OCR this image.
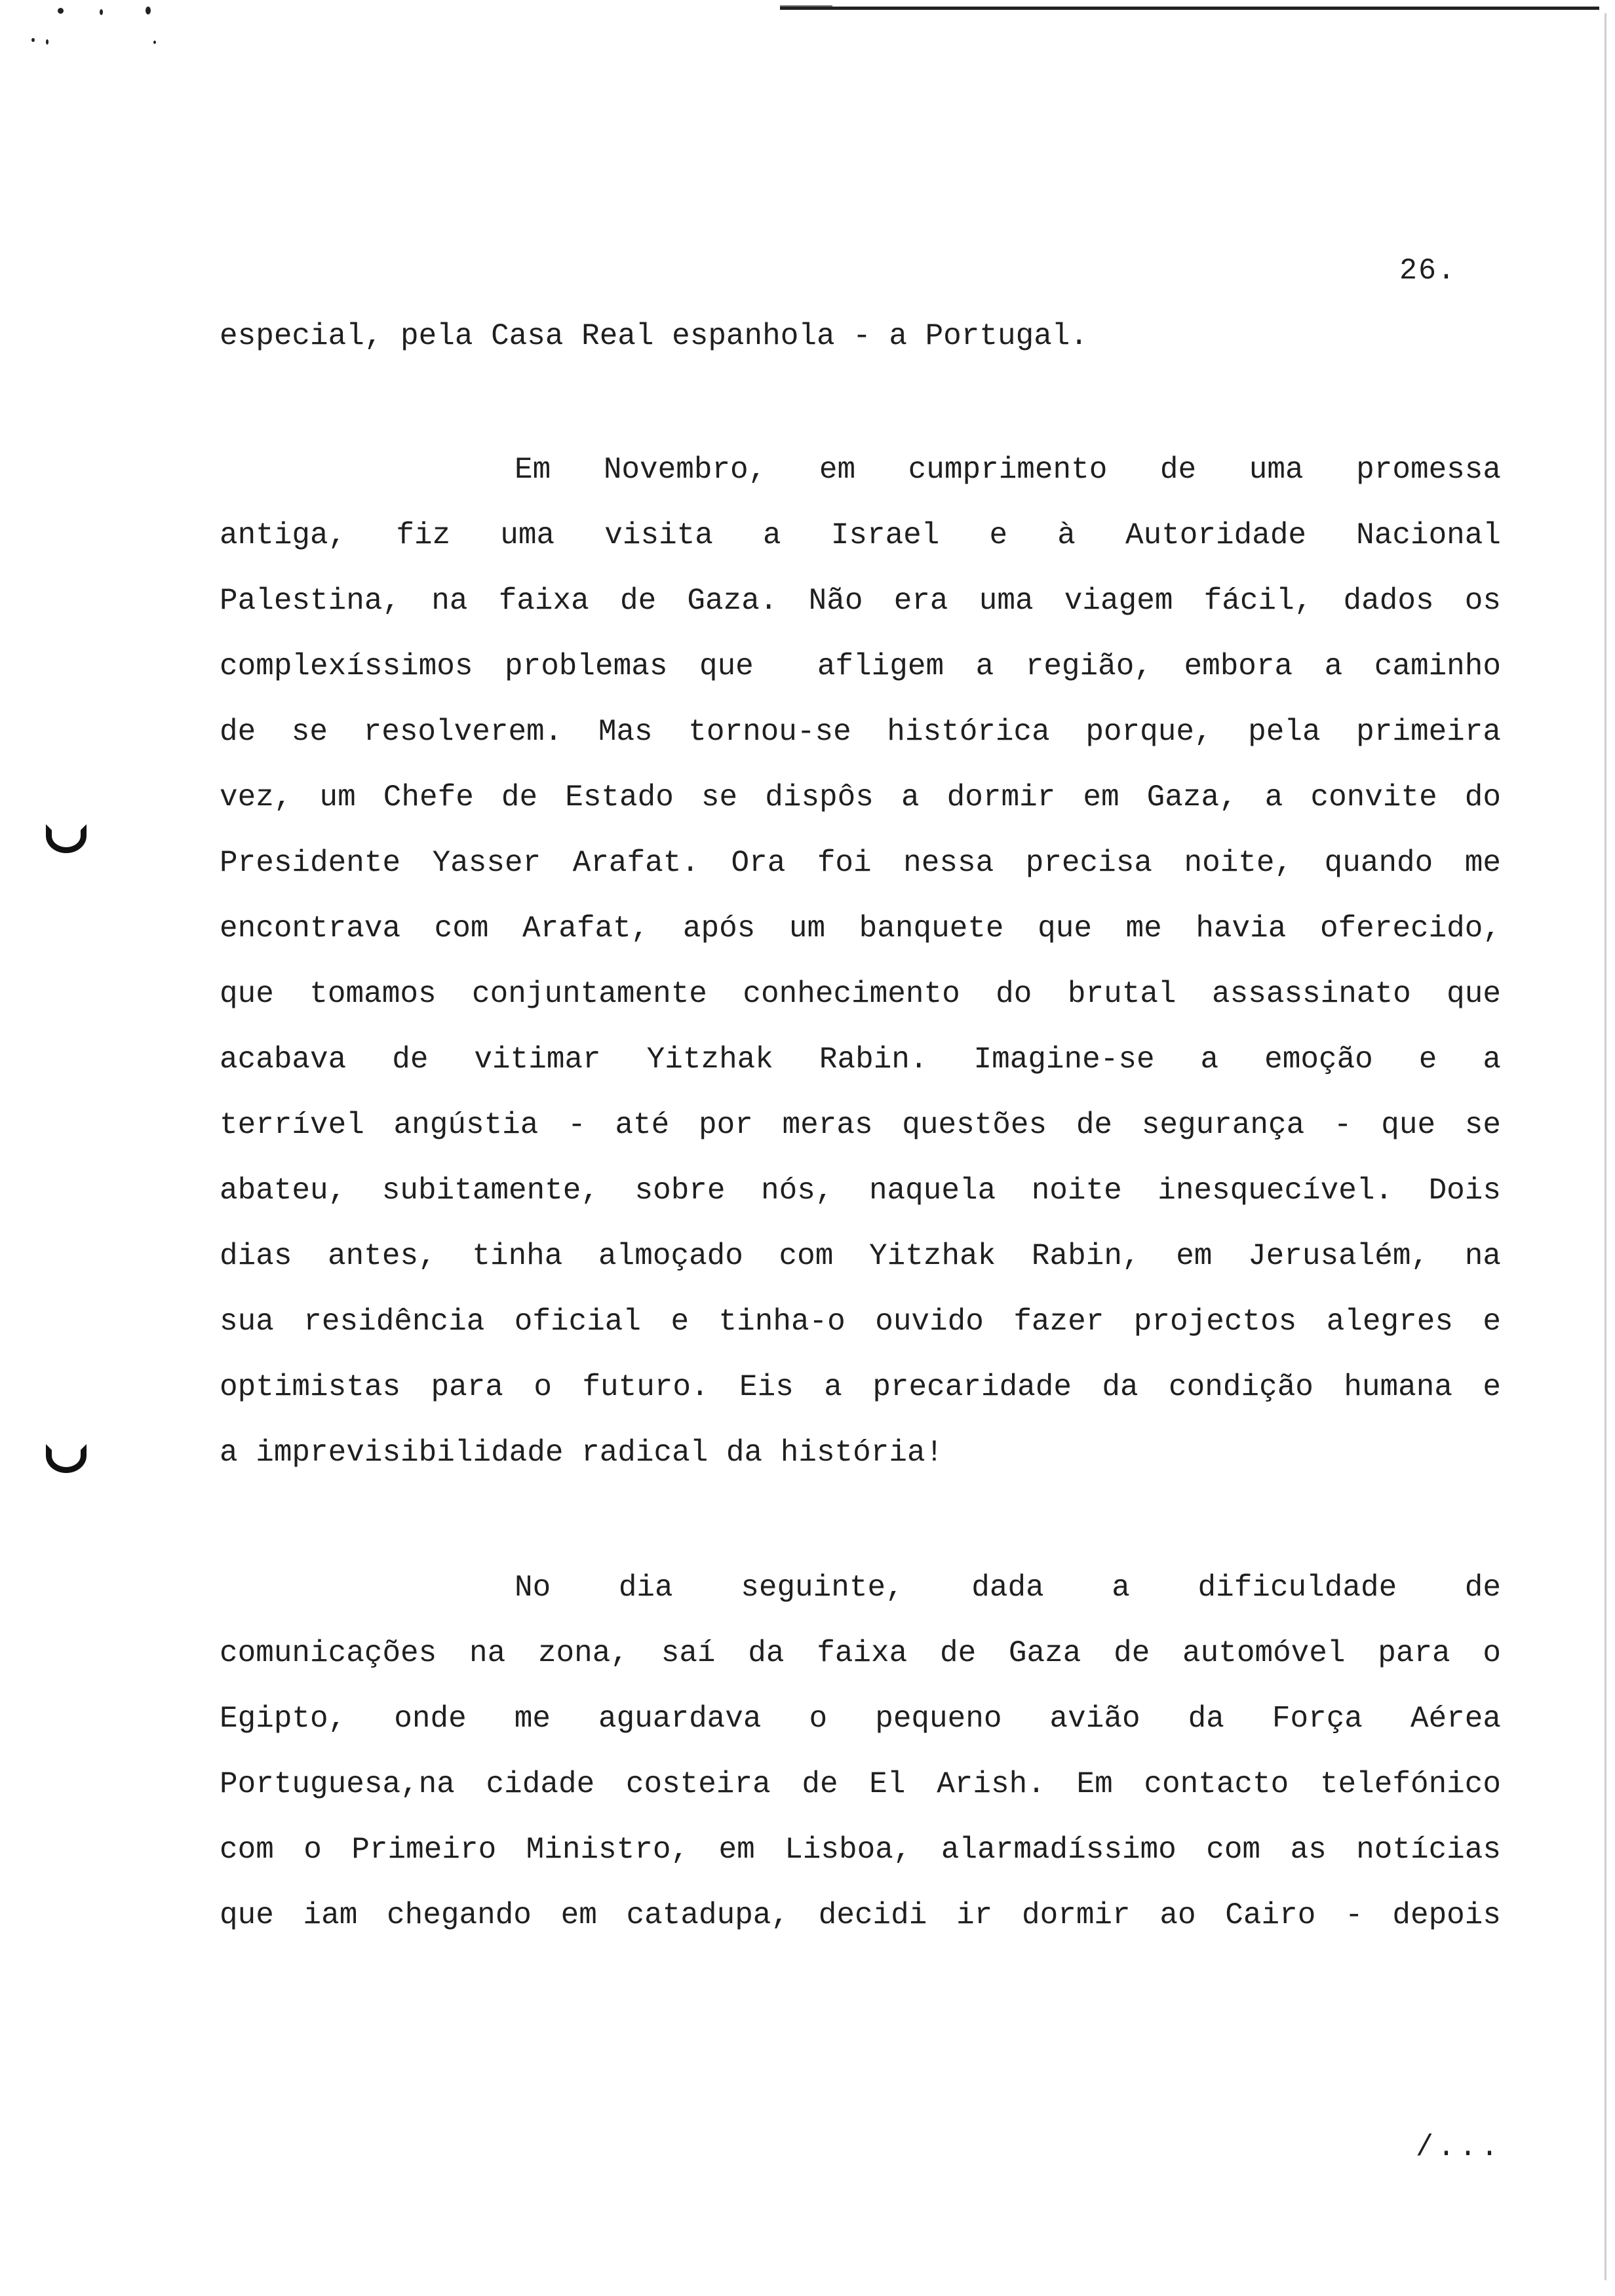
26.
especial, pela Casa Real espanhola - a Portugal.
Em Novembro, em cumprimento de uma promessa
antiga, fiz uma visita a Israel e à Autoridade Nacional
Palestina, na faixa de Gaza. Não era uma viagem fácil, dados os
complexíssimos problemas que  afligem a região, embora a caminho
de se resolverem. Mas tornou-se histórica porque, pela primeira
vez, um Chefe de Estado se dispôs a dormir em Gaza, a convite do
Presidente Yasser Arafat. Ora foi nessa precisa noite, quando me
encontrava com Arafat, após um banquete que me havia oferecido,
que tomamos conjuntamente conhecimento do brutal assassinato que
acabava de vitimar Yitzhak Rabin. Imagine-se a emoção e a
terrível angústia - até por meras questões de segurança - que se
abateu, subitamente, sobre nós, naquela noite inesquecível. Dois
dias antes, tinha almoçado com Yitzhak Rabin, em Jerusalém, na
sua residência oficial e tinha-o ouvido fazer projectos alegres e
optimistas para o futuro. Eis a precaridade da condição humana e
a imprevisibilidade radical da história!
No dia seguinte, dada a dificuldade de
comunicações na zona, saí da faixa de Gaza de automóvel para o
Egipto, onde me aguardava o pequeno avião da Força Aérea
Portuguesa,na cidade costeira de El Arish. Em contacto telefónico
com o Primeiro Ministro, em Lisboa, alarmadíssimo com as notícias
que iam chegando em catadupa, decidi ir dormir ao Cairo - depois
/...
